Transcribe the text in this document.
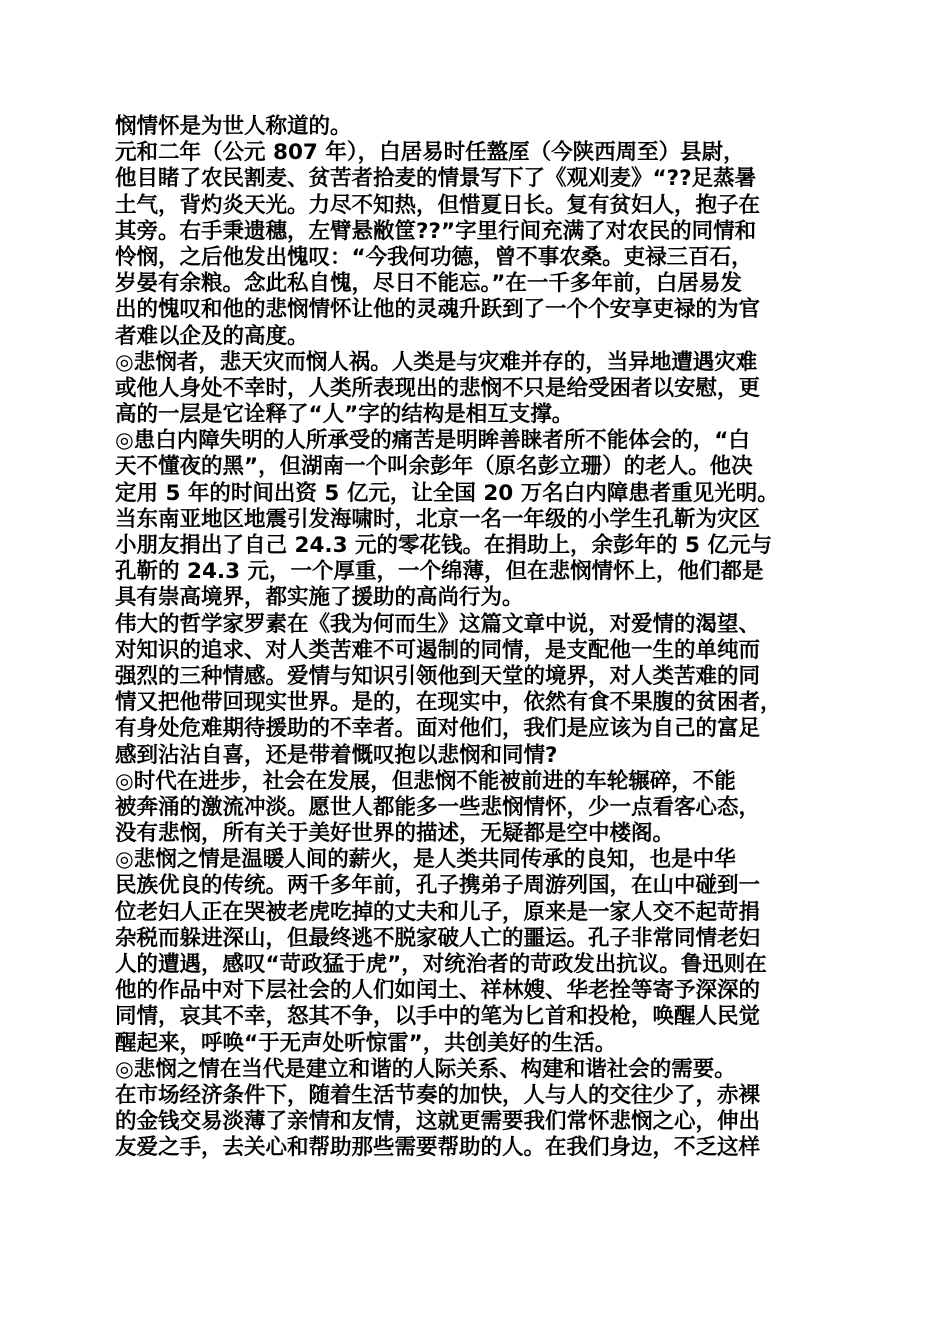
悯情怀是为世人称道的。
元和二年（公元 807 年），白居易时任盩厔（今陕西周至）县尉，
他目睹了农民割麦、贫苦者拾麦的情景写下了《观刈麦》“??足蒸暑
土气，背灼炎天光。力尽不知热，但惜夏日长。复有贫妇人，抱子在
其旁。右手秉遗穗，左臂悬敝筐??”字里行间充满了对农民的同情和
怜悯，之后他发出愧叹：“今我何功德，曾不事农桑。吏禄三百石，
岁晏有余粮。念此私自愧，尽日不能忘。”在一千多年前，白居易发
出的愧叹和他的悲悯情怀让他的灵魂升跃到了一个个安享吏禄的为官
者难以企及的高度。
◎悲悯者，悲天灾而悯人祸。人类是与灾难并存的，当异地遭遇灾难
或他人身处不幸时，人类所表现出的悲悯不只是给受困者以安慰，更
高的一层是它诠释了“人”字的结构是相互支撑。
◎患白内障失明的人所承受的痛苦是明眸善睐者所不能体会的，“白
天不懂夜的黑”，但湖南一个叫余彭年（原名彭立珊）的老人。他决
定用 5 年的时间出资 5 亿元，让全国 20 万名白内障患者重见光明。
当东南亚地区地震引发海啸时，北京一名一年级的小学生孔靳为灾区
小朋友捐出了自己 24.3 元的零花钱。在捐助上，余彭年的 5 亿元与
孔靳的 24.3 元，一个厚重，一个绵薄，但在悲悯情怀上，他们都是
具有崇高境界，都实施了援助的高尚行为。
伟大的哲学家罗素在《我为何而生》这篇文章中说，对爱情的渴望、
对知识的追求、对人类苦难不可遏制的同情，是支配他一生的单纯而
强烈的三种情感。爱情与知识引领他到天堂的境界，对人类苦难的同
情又把他带回现实世界。是的，在现实中，依然有食不果腹的贫困者，
有身处危难期待援助的不幸者。面对他们，我们是应该为自己的富足
感到沾沾自喜，还是带着慨叹抱以悲悯和同情?
◎时代在进步，社会在发展，但悲悯不能被前进的车轮辗碎，不能
被奔涌的激流冲淡。愿世人都能多一些悲悯情怀，少一点看客心态，
没有悲悯，所有关于美好世界的描述，无疑都是空中楼阁。
◎悲悯之情是温暖人间的薪火，是人类共同传承的良知，也是中华
民族优良的传统。两千多年前，孔子携弟子周游列国，在山中碰到一
位老妇人正在哭被老虎吃掉的丈夫和儿子，原来是一家人交不起苛捐
杂税而躲进深山，但最终逃不脱家破人亡的噩运。孔子非常同情老妇
人的遭遇，感叹“苛政猛于虎”，对统治者的苛政发出抗议。鲁迅则在
他的作品中对下层社会的人们如闰土、祥林嫂、华老拴等寄予深深的
同情，哀其不幸，怒其不争，以手中的笔为匕首和投枪，唤醒人民觉
醒起来，呼唤“于无声处听惊雷”，共创美好的生活。
◎悲悯之情在当代是建立和谐的人际关系、构建和谐社会的需要。
在市场经济条件下，随着生活节奏的加快，人与人的交往少了，赤裸
的金钱交易淡薄了亲情和友情，这就更需要我们常怀悲悯之心，伸出
友爱之手，去关心和帮助那些需要帮助的人。在我们身边，不乏这样
